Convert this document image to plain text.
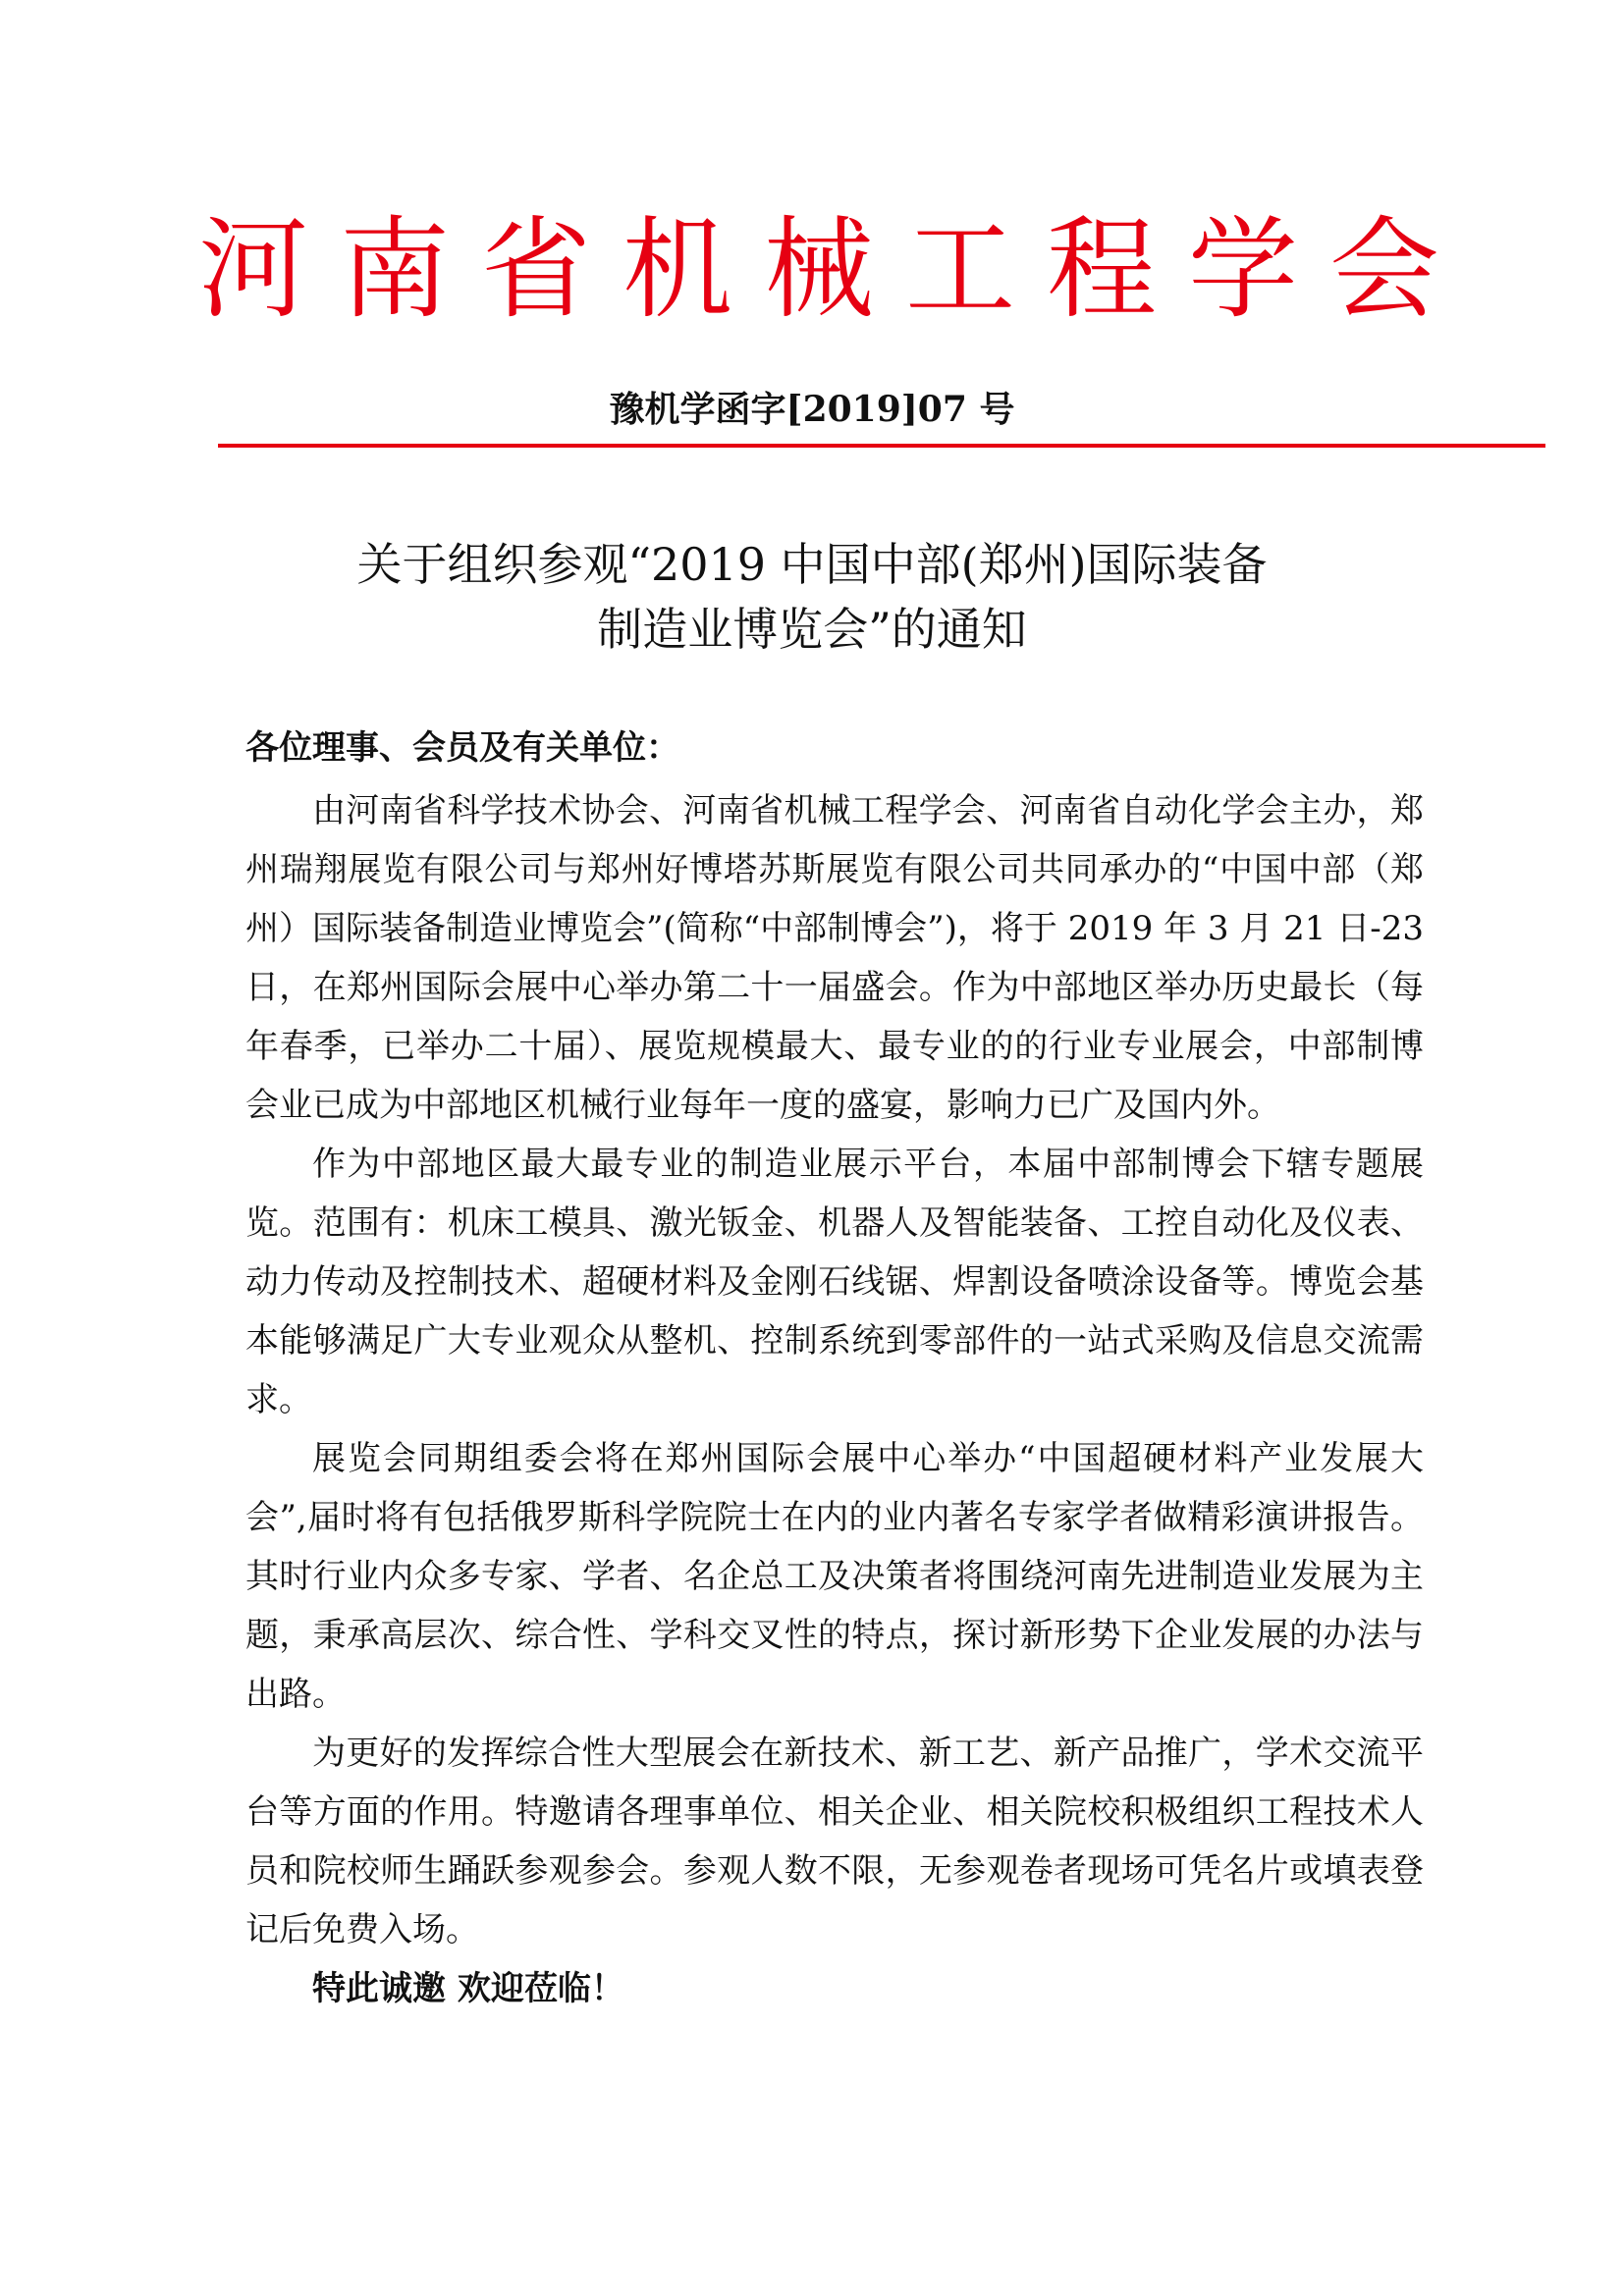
河南省机械工程学会
豫机学函字[2019]07 号
关于组织参观“2019 中国中部(郑州)国际装备
制造业博览会”的通知
各位理事、会员及有关单位：

由河南省科学技术协会、河南省机械工程学会、河南省自动化学会主办，郑州瑞翔展览有限公司与郑州好博塔苏斯展览有限公司共同承办的“中国中部（郑州）国际装备制造业博览会”(简称“中部制博会”)，将于 2019 年 3 月 21 日-23 日，在郑州国际会展中心举办第二十一届盛会。作为中部地区举办历史最长（每年春季，已举办二十届）、展览规模最大、最专业的的行业专业展会，中部制博会业已成为中部地区机械行业每年一度的盛宴，影响力已广及国内外。

作为中部地区最大最专业的制造业展示平台，本届中部制博会下辖专题展览。范围有：机床工模具、激光钣金、机器人及智能装备、工控自动化及仪表、动力传动及控制技术、超硬材料及金刚石线锯、焊割设备喷涂设备等。博览会基本能够满足广大专业观众从整机、控制系统到零部件的一站式采购及信息交流需求。

展览会同期组委会将在郑州国际会展中心举办“中国超硬材料产业发展大会”,届时将有包括俄罗斯科学院院士在内的业内著名专家学者做精彩演讲报告。其时行业内众多专家、学者、名企总工及决策者将围绕河南先进制造业发展为主题，秉承高层次、综合性、学科交叉性的特点，探讨新形势下企业发展的办法与出路。

为更好的发挥综合性大型展会在新技术、新工艺、新产品推广，学术交流平台等方面的作用。特邀请各理事单位、相关企业、相关院校积极组织工程技术人员和院校师生踊跃参观参会。参观人数不限，无参观卷者现场可凭名片或填表登记后免费入场。

特此诚邀 欢迎莅临！
